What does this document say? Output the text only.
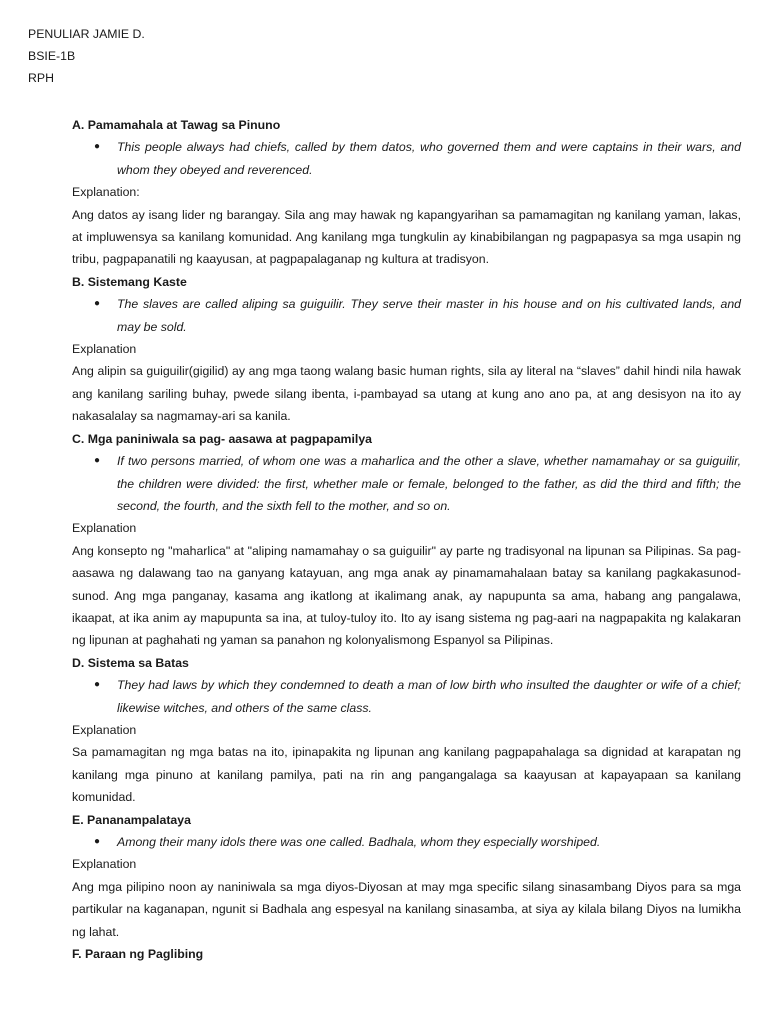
PENULIAR JAMIE D.
BSIE-1B
RPH
A. Pamamahala at Tawag sa Pinuno
● This people always had chiefs, called by them datos, who governed them and were captains in their wars, and whom they obeyed and reverenced.
Explanation:
Ang datos ay isang lider ng barangay. Sila ang may hawak ng kapangyarihan sa pamamagitan ng kanilang yaman, lakas, at impluwensya sa kanilang komunidad. Ang kanilang mga tungkulin ay kinabibilangan ng pagpapasya sa mga usapin ng tribu, pagpapanatili ng kaayusan, at pagpapalaganap ng kultura at tradisyon.
B. Sistemang Kaste
● The slaves are called aliping sa guiguilir. They serve their master in his house and on his cultivated lands, and may be sold.
Explanation
Ang alipin sa guiguilir(gigilid) ay ang mga taong walang basic human rights, sila ay literal na “slaves” dahil hindi nila hawak ang kanilang sariling buhay, pwede silang ibenta, i-pambayad sa utang at kung ano ano pa, at ang desisyon na ito ay nakasalalay sa nagmamay-ari sa kanila.
C. Mga paniniwala sa pag- aasawa at pagpapamilya
● If two persons married, of whom one was a maharlica and the other a slave, whether namamahay or sa guiguilir, the children were divided: the first, whether male or female, belonged to the father, as did the third and fifth; the second, the fourth, and the sixth fell to the mother, and so on.
Explanation
Ang konsepto ng "maharlica" at "aliping namamahay o sa guiguilir" ay parte ng tradisyonal na lipunan sa Pilipinas. Sa pag-aasawa ng dalawang tao na ganyang katayuan, ang mga anak ay pinamamahalaan batay sa kanilang pagkakasunod-sunod. Ang mga panganay, kasama ang ikatlong at ikalimang anak, ay napupunta sa ama, habang ang pangalawa, ikaapat, at ika anim ay mapupunta sa ina, at tuloy-tuloy ito. Ito ay isang sistema ng pag-aari na nagpapakita ng kalakaran ng lipunan at paghahati ng yaman sa panahon ng kolonyalismong Espanyol sa Pilipinas.
D. Sistema sa Batas
● They had laws by which they condemned to death a man of low birth who insulted the daughter or wife of a chief; likewise witches, and others of the same class.
Explanation
Sa pamamagitan ng mga batas na ito, ipinapakita ng lipunan ang kanilang pagpapahalaga sa dignidad at karapatan ng kanilang mga pinuno at kanilang pamilya, pati na rin ang pangangalaga sa kaayusan at kapayapaan sa kanilang komunidad.
E. Pananampalataya
● Among their many idols there was one called. Badhala, whom they especially worshiped.
Explanation
Ang mga pilipino noon ay naniniwala sa mga diyos-Diyosan at may mga specific silang sinasambang Diyos para sa mga partikular na kaganapan, ngunit si Badhala ang espesyal na kanilang sinasamba, at siya ay kilala bilang Diyos na lumikha ng lahat.
F. Paraan ng Paglibing
